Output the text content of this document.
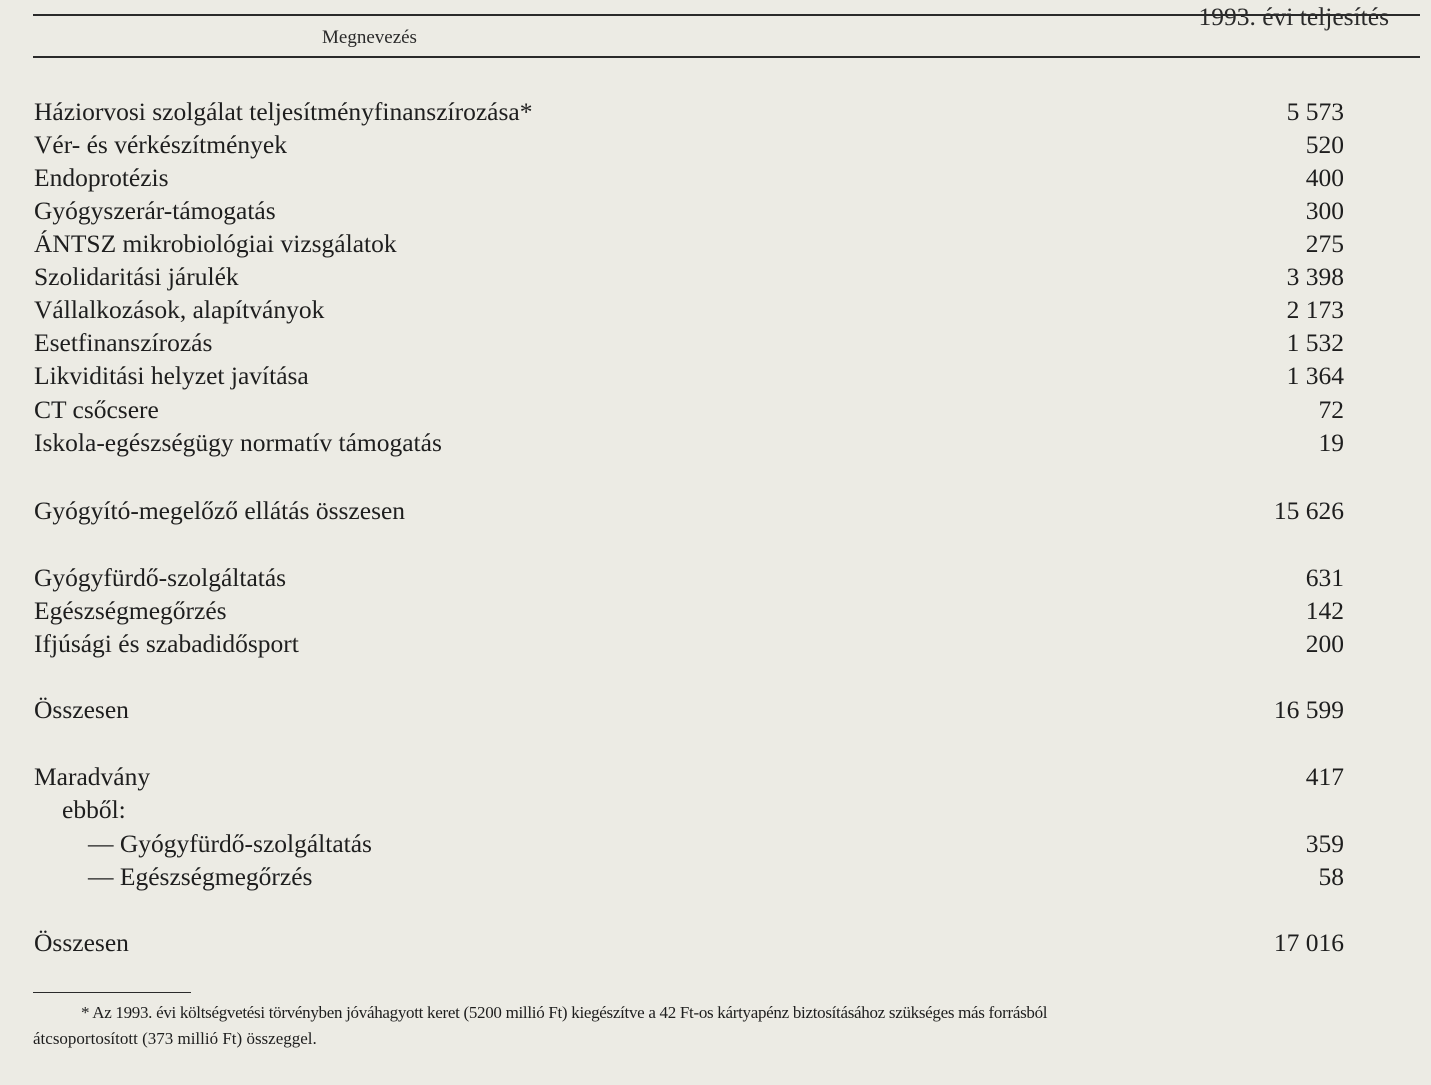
Megnevezés
1993. évi teljesítés
Háziorvosi szolgálat teljesítményfinanszírozása*	5 573
Vér- és vérkészítmények	520
Endoprotézis	400
Gyógyszerár-támogatás	300
ÁNTSZ mikrobiológiai vizsgálatok	275
Szolidaritási járulék	3 398
Vállalkozások, alapítványok	2 173
Esetfinanszírozás	1 532
Likviditási helyzet javítása	1 364
CT csőcsere	72
Iskola-egészségügy normatív támogatás	19
Gyógyító-megelőző ellátás összesen	15 626
Gyógyfürdő-szolgáltatás	631
Egészségmegőrzés	142
Ifjúsági és szabadidősport	200
Összesen	16 599
Maradvány	417
ebből:
— Gyógyfürdő-szolgáltatás	359
— Egészségmegőrzés	58
Összesen	17 016
* Az 1993. évi költségvetési törvényben jóváhagyott keret (5200 millió Ft) kiegészítve a 42 Ft-os kártyapénz biztosításához szükséges más forrásból
átcsoportosított (373 millió Ft) összeggel.
